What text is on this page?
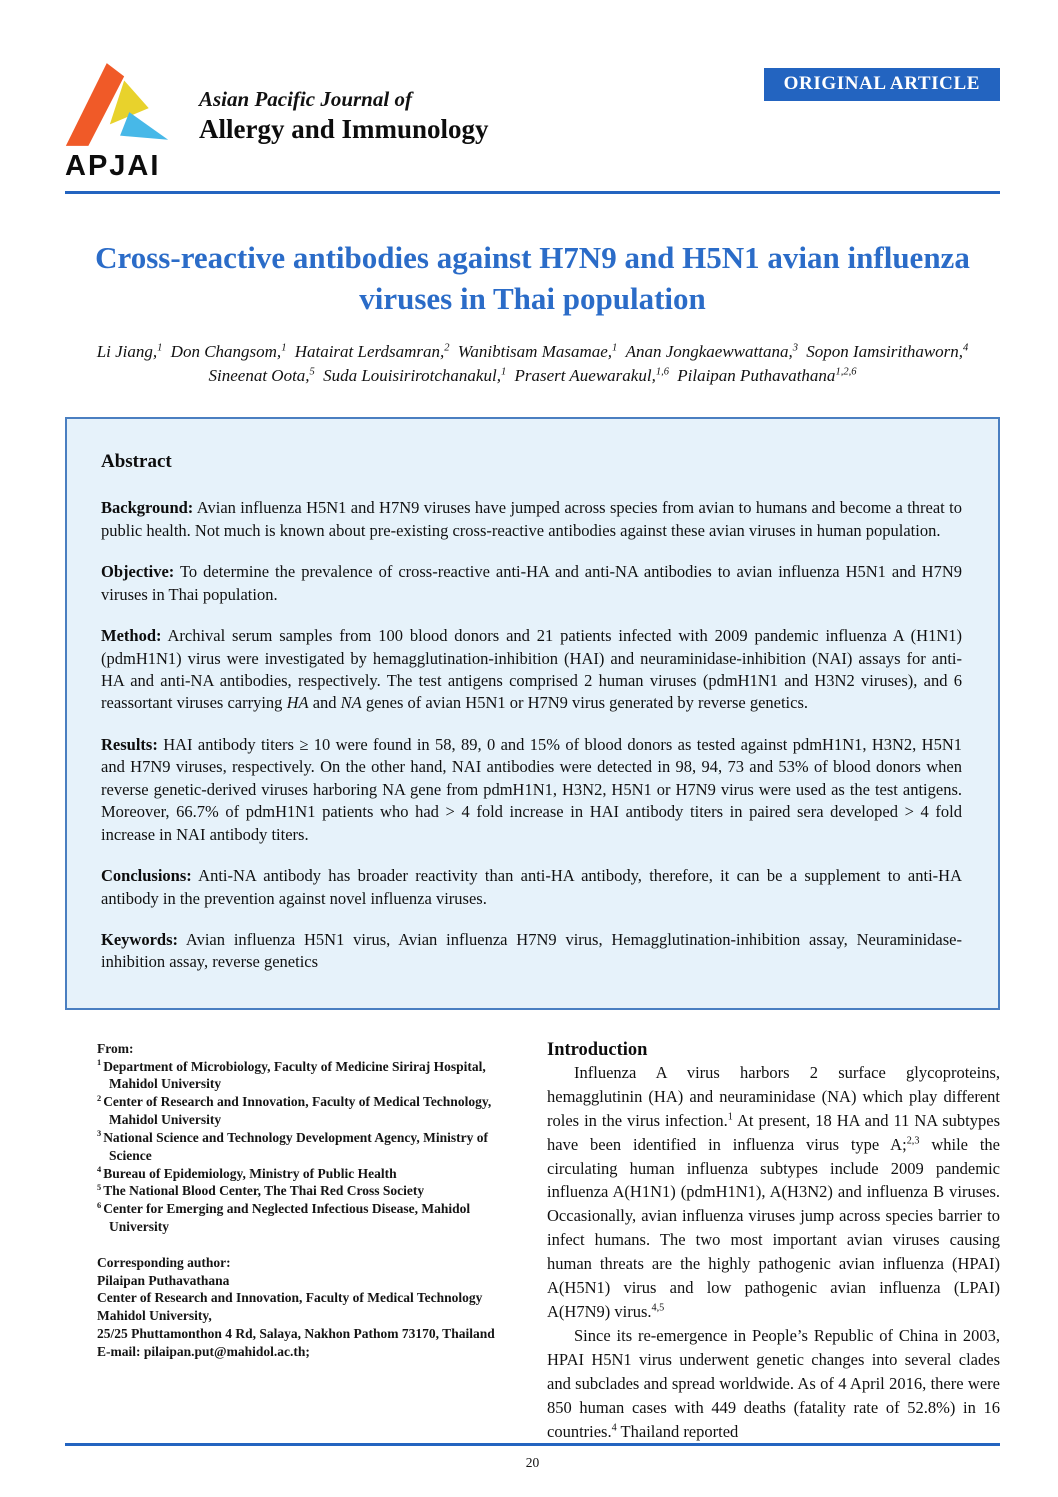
APJAI
Asian Pacific Journal of
Allergy and Immunology
ORIGINAL ARTICLE
Cross-reactive antibodies against H7N9 and H5N1 avian influenza viruses in Thai population
Li Jiang,$^1$ Don Changsom,$^1$ Hatairat Lerdsamran,$^2$ Wanibtisam Masamae,$^1$ Anan Jongkaewwattana,$^3$ Sopon Iamsirithaworn,$^4$
Sineenat Oota,$^5$ Suda Louisirirotchanakul,$^1$ Prasert Auewarakul,$^{1,6}$ Pilaipan Puthavathana$^{1,2,6}$
Abstract

Background: Avian influenza H5N1 and H7N9 viruses have jumped across species from avian to humans and become a threat to public health. Not much is known about pre-existing cross-reactive antibodies against these avian viruses in human population.

Objective: To determine the prevalence of cross-reactive anti-HA and anti-NA antibodies to avian influenza H5N1 and H7N9 viruses in Thai population.

Method: Archival serum samples from 100 blood donors and 21 patients infected with 2009 pandemic influenza A (H1N1) (pdmH1N1) virus were investigated by hemagglutination-inhibition (HAI) and neuraminidase-inhibition (NAI) assays for anti-HA and anti-NA antibodies, respectively. The test antigens comprised 2 human viruses (pdmH1N1 and H3N2 viruses), and 6 reassortant viruses carrying HA and NA genes of avian H5N1 or H7N9 virus generated by reverse genetics.

Results: HAI antibody titers ≥ 10 were found in 58, 89, 0 and 15% of blood donors as tested against pdmH1N1, H3N2, H5N1 and H7N9 viruses, respectively. On the other hand, NAI antibodies were detected in 98, 94, 73 and 53% of blood donors when reverse genetic-derived viruses harboring NA gene from pdmH1N1, H3N2, H5N1 or H7N9 virus were used as the test antigens. Moreover, 66.7% of pdmH1N1 patients who had > 4 fold increase in HAI antibody titers in paired sera developed > 4 fold increase in NAI antibody titers.

Conclusions: Anti-NA antibody has broader reactivity than anti-HA antibody, therefore, it can be a supplement to anti-HA antibody in the prevention against novel influenza viruses.

Keywords: Avian influenza H5N1 virus, Avian influenza H7N9 virus, Hemagglutination-inhibition assay, Neuraminidase-inhibition assay, reverse genetics

From:
$^1$ Department of Microbiology, Faculty of Medicine Siriraj Hospital, Mahidol University
$^2$ Center of Research and Innovation, Faculty of Medical Technology, Mahidol University
$^3$ National Science and Technology Development Agency, Ministry of Science
$^4$ Bureau of Epidemiology, Ministry of Public Health
$^5$ The National Blood Center, The Thai Red Cross Society
$^6$ Center for Emerging and Neglected Infectious Disease, Mahidol University
Corresponding author:
Pilaipan Puthavathana
Center of Research and Innovation, Faculty of Medical Technology
Mahidol University,
25/25 Phuttamonthon 4 Rd, Salaya, Nakhon Pathom 73170, Thailand
E-mail: pilaipan.put@mahidol.ac.th;
Introduction

Influenza A virus harbors 2 surface glycoproteins, hemagglutinin (HA) and neuraminidase (NA) which play different roles in the virus infection.$^1$ At present, 18 HA and 11 NA subtypes have been identified in influenza virus type A;$^{2,3}$ while the circulating human influenza subtypes include 2009 pandemic influenza A(H1N1) (pdmH1N1), A(H3N2) and influenza B viruses. Occasionally, avian influenza viruses jump across species barrier to infect humans. The two most important avian viruses causing human threats are the highly pathogenic avian influenza (HPAI) A(H5N1) virus and low pathogenic avian influenza (LPAI) A(H7N9) virus.$^{4,5}$

Since its re-emergence in People’s Republic of China in 2003, HPAI H5N1 virus underwent genetic changes into several clades and subclades and spread worldwide. As of 4 April 2016, there were 850 human cases with 449 deaths (fatality rate of 52.8%) in 16 countries.$^4$ Thailand reported

20
